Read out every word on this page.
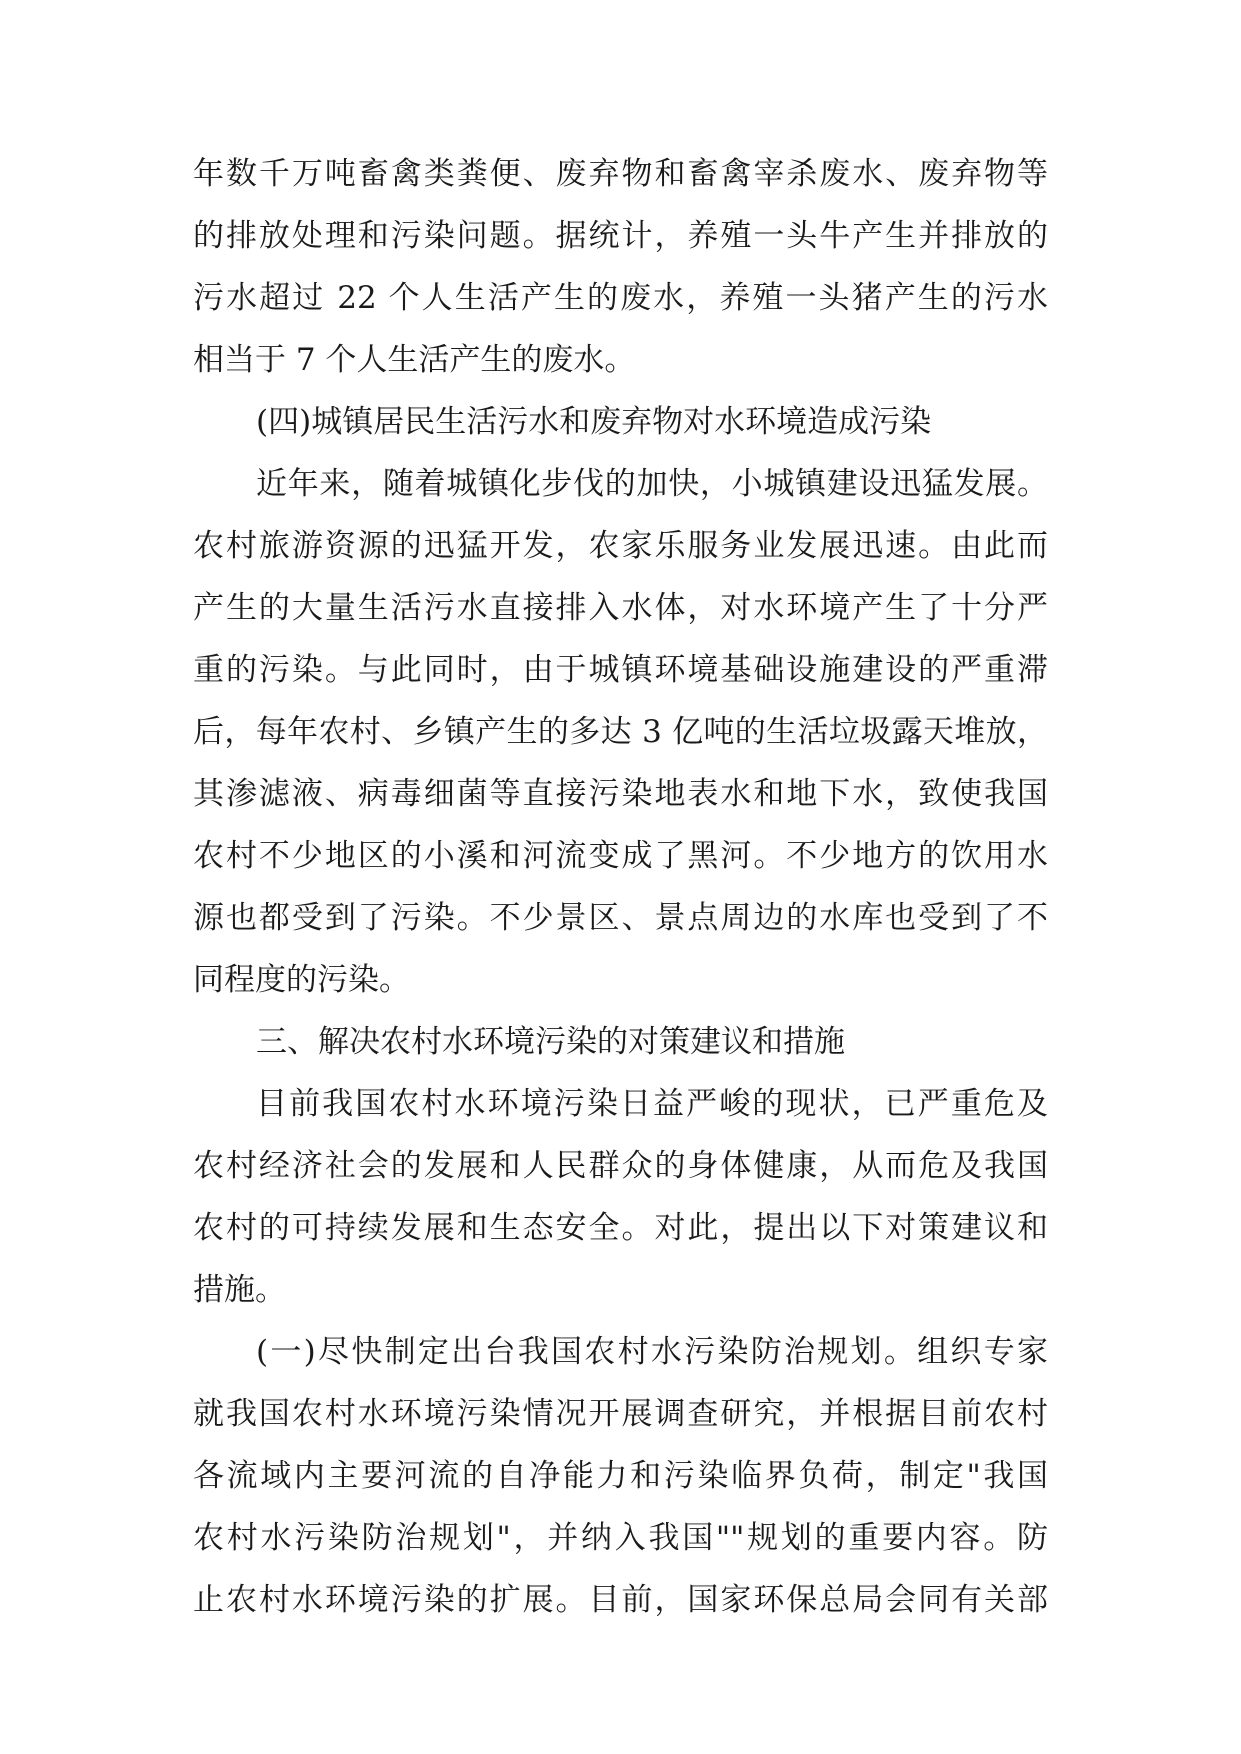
年数千万吨畜禽类粪便、废弃物和畜禽宰杀废水、废弃物等
的排放处理和污染问题。据统计，养殖一头牛产生并排放的
污水超过 22 个人生活产生的废水，养殖一头猪产生的污水
相当于 7 个人生活产生的废水。
(四)城镇居民生活污水和废弃物对水环境造成污染
近年来，随着城镇化步伐的加快，小城镇建设迅猛发展。
农村旅游资源的迅猛开发，农家乐服务业发展迅速。由此而
产生的大量生活污水直接排入水体，对水环境产生了十分严
重的污染。与此同时，由于城镇环境基础设施建设的严重滞
后，每年农村、乡镇产生的多达 3 亿吨的生活垃圾露天堆放，
其渗滤液、病毒细菌等直接污染地表水和地下水，致使我国
农村不少地区的小溪和河流变成了黑河。不少地方的饮用水
源也都受到了污染。不少景区、景点周边的水库也受到了不
同程度的污染。
三、解决农村水环境污染的对策建议和措施
目前我国农村水环境污染日益严峻的现状，已严重危及
农村经济社会的发展和人民群众的身体健康，从而危及我国
农村的可持续发展和生态安全。对此，提出以下对策建议和
措施。
(一)尽快制定出台我国农村水污染防治规划。组织专家
就我国农村水环境污染情况开展调查研究，并根据目前农村
各流域内主要河流的自净能力和污染临界负荷，制定"我国
农村水污染防治规划"，并纳入我国""规划的重要内容。防
止农村水环境污染的扩展。目前，国家环保总局会同有关部
